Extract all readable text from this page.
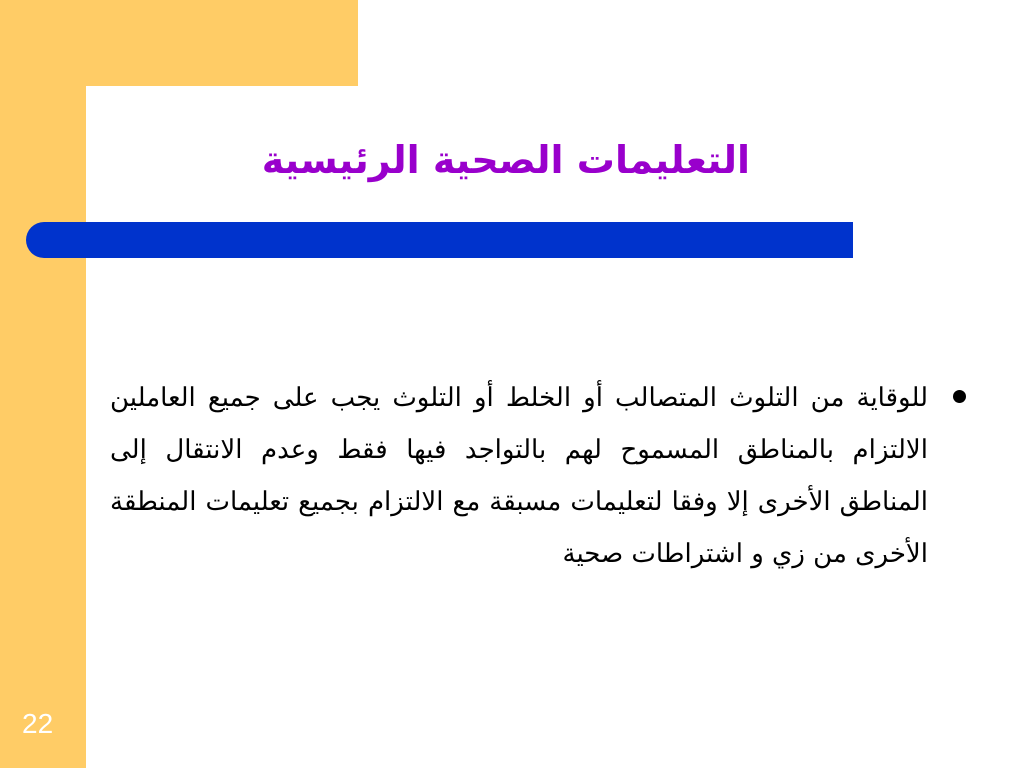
التعليمات الصحية الرئيسية
للوقاية من التلوث المتصالب أو الخلط أو التلوث يجب على جميع العاملين الالتزام بالمناطق المسموح لهم بالتواجد فيها فقط وعدم الانتقال إلى المناطق الأخرى إلا وفقا لتعليمات مسبقة مع الالتزام بجميع تعليمات المنطقة الأخرى من زي و اشتراطات صحية
22
